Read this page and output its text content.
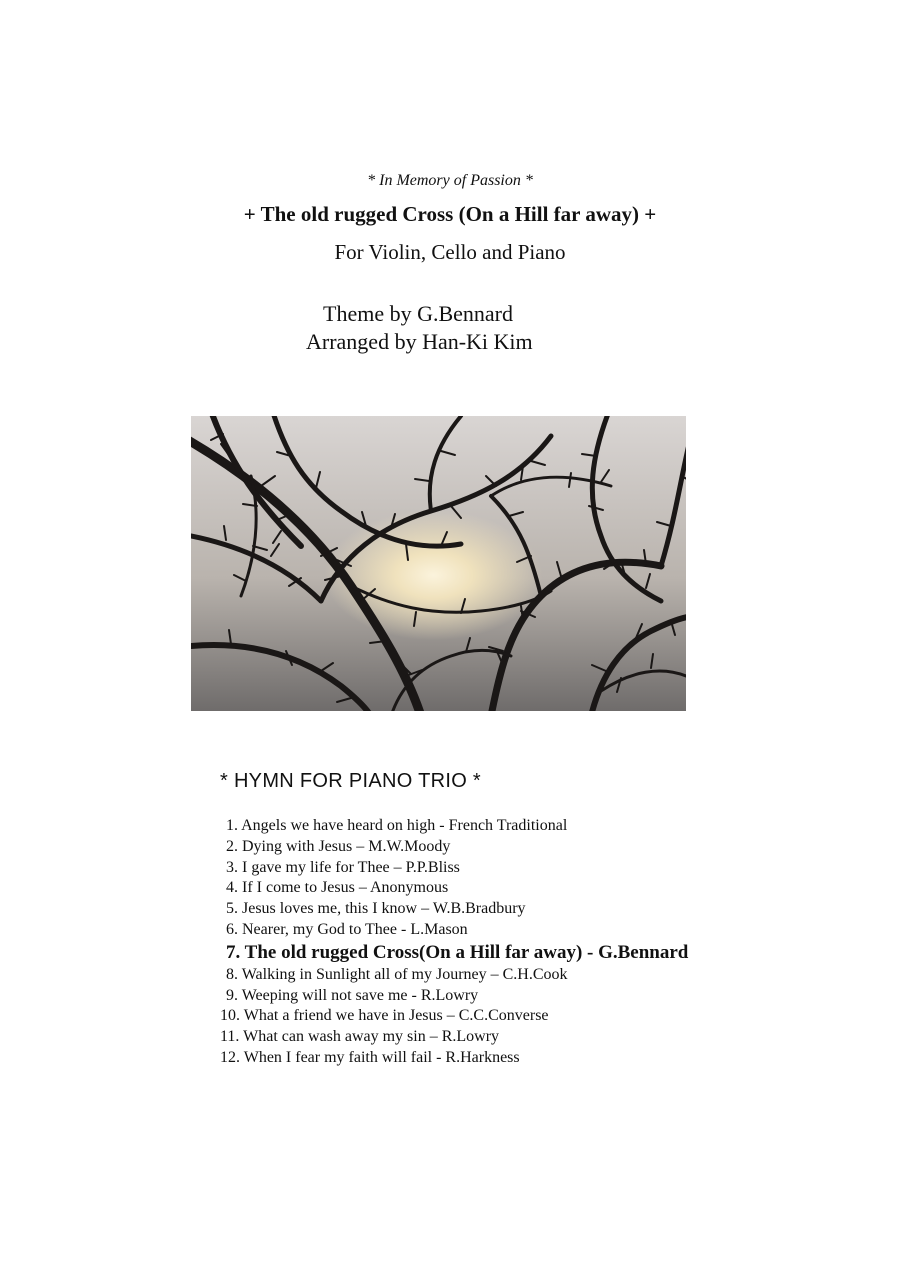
* In Memory of Passion *
+ The old rugged Cross (On a Hill far away) +
For Violin, Cello and Piano
Theme by G.Bennard
Arranged by Han-Ki Kim
* HYMN FOR PIANO TRIO *
1. Angels we have heard on high - French Traditional
2. Dying with Jesus – M.W.Moody
3. I gave my life for Thee – P.P.Bliss
4. If I come to Jesus – Anonymous
5. Jesus loves me, this I know – W.B.Bradbury
6. Nearer, my God to Thee - L.Mason
7. The old rugged Cross(On a Hill far away) - G.Bennard
8. Walking in Sunlight all of my Journey – C.H.Cook
9. Weeping will not save me - R.Lowry
10. What a friend we have in Jesus – C.C.Converse
11. What can wash away my sin – R.Lowry
12. When I fear my faith will fail - R.Harkness
